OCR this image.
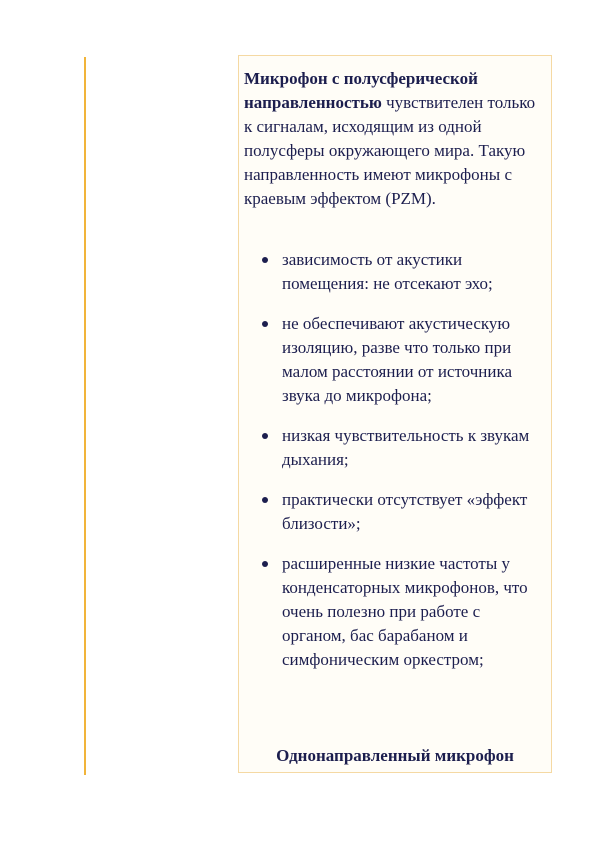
Микрофон с полусферической направленностью чувствителен только к сигналам, исходящим из одной полусферы окружающего мира. Такую направленность имеют микрофоны с краевым эффектом (PZM).

зависимость от акустики помещения: не отсекают эхо;
не обеспечивают акустическую изоляцию, разве что только при малом расстоянии от источника звука до микрофона;
низкая чувствительность к звукам дыхания;
практически отсутствует «эффект близости»;
расширенные низкие частоты у конденсаторных микрофонов, что очень полезно при работе с органом, бас барабаном и симфоническим оркестром;

Однонаправленный микрофон
